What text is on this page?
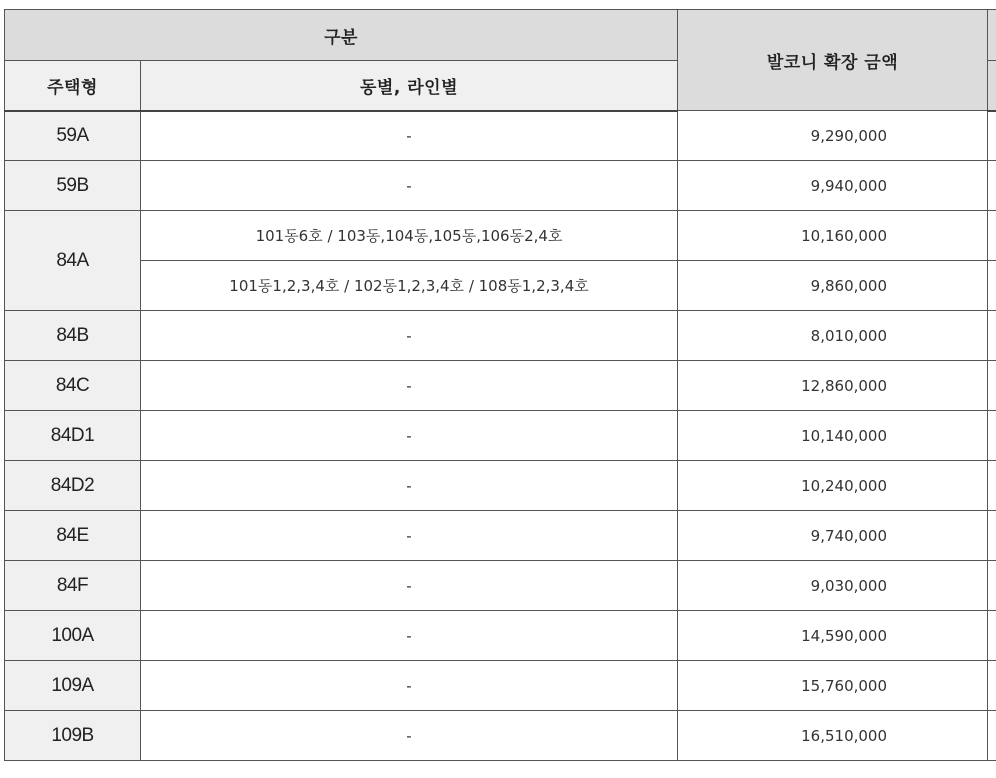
구분		발코니 확장 금액	
주택형	동별, 라인별		
59A	-	9,290,000	
59B	-	9,940,000	
84A	101동6호 / 103동,104동,105동,106동2,4호	10,160,000	
	101동1,2,3,4호 / 102동1,2,3,4호 / 108동1,2,3,4호	9,860,000	
84B	-	8,010,000	
84C	-	12,860,000	
84D1	-	10,140,000	
84D2	-	10,240,000	
84E	-	9,740,000	
84F	-	9,030,000	
100A	-	14,590,000	
109A	-	15,760,000	
109B	-	16,510,000	
